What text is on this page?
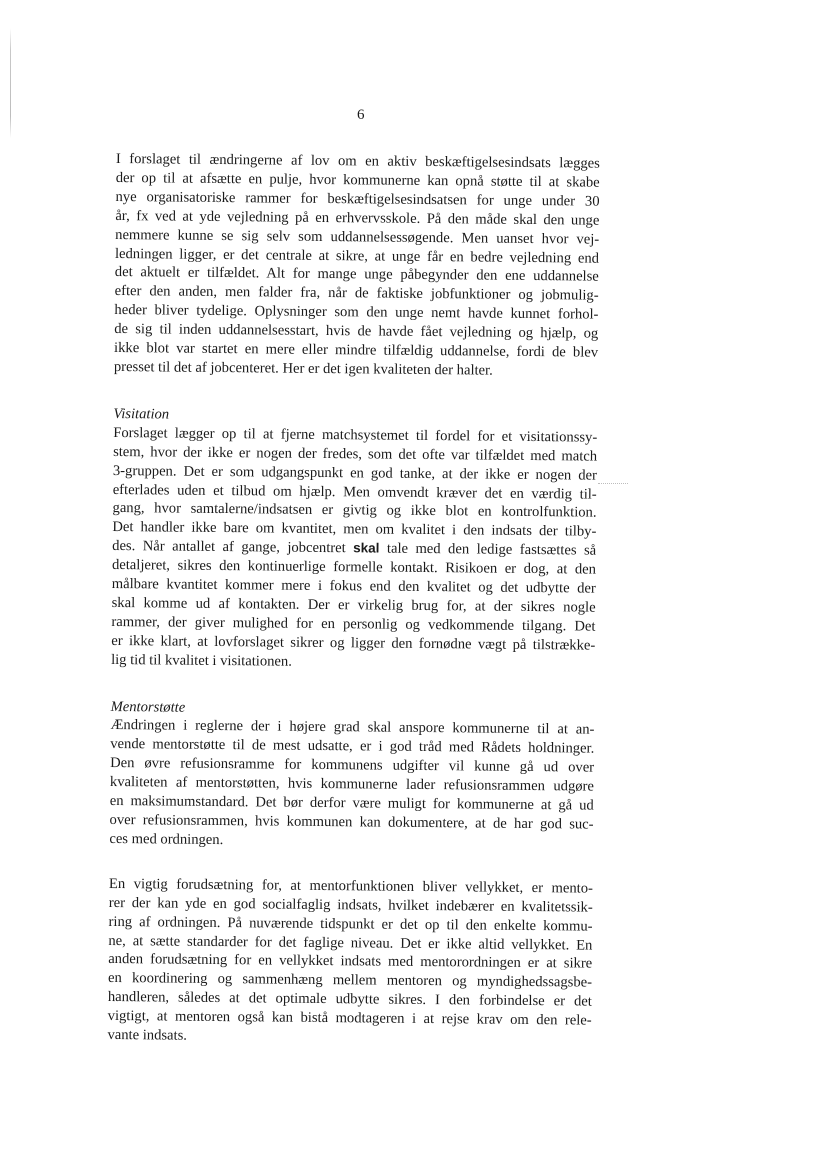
6

I forslaget til ændringerne af lov om en aktiv beskæftigelsesindsats lægges
der op til at afsætte en pulje, hvor kommunerne kan opnå støtte til at skabe
nye organisatoriske rammer for beskæftigelsesindsatsen for unge under 30
år, fx ved at yde vejledning på en erhvervsskole. På den måde skal den unge
nemmere kunne se sig selv som uddannelsessøgende. Men uanset hvor vej-
ledningen ligger, er det centrale at sikre, at unge får en bedre vejledning end
det aktuelt er tilfældet. Alt for mange unge påbegynder den ene uddannelse
efter den anden, men falder fra, når de faktiske jobfunktioner og jobmulig-
heder bliver tydelige. Oplysninger som den unge nemt havde kunnet forhol-
de sig til inden uddannelsesstart, hvis de havde fået vejledning og hjælp, og
ikke blot var startet en mere eller mindre tilfældig uddannelse, fordi de blev
presset til det af jobcenteret. Her er det igen kvaliteten der halter.

Visitation

Forslaget lægger op til at fjerne matchsystemet til fordel for et visitationssy-
stem, hvor der ikke er nogen der fredes, som det ofte var tilfældet med match
3-gruppen. Det er som udgangspunkt en god tanke, at der ikke er nogen der
efterlades uden et tilbud om hjælp. Men omvendt kræver det en værdig til-
gang, hvor samtalerne/indsatsen er givtig og ikke blot en kontrolfunktion.
Det handler ikke bare om kvantitet, men om kvalitet i den indsats der tilby-
des. Når antallet af gange, jobcentret skal tale med den ledige fastsættes så
detaljeret, sikres den kontinuerlige formelle kontakt. Risikoen er dog, at den
målbare kvantitet kommer mere i fokus end den kvalitet og det udbytte der
skal komme ud af kontakten. Der er virkelig brug for, at der sikres nogle
rammer, der giver mulighed for en personlig og vedkommende tilgang. Det
er ikke klart, at lovforslaget sikrer og ligger den fornødne vægt på tilstrække-
lig tid til kvalitet i visitationen.

Mentorstøtte

Ændringen i reglerne der i højere grad skal anspore kommunerne til at an-
vende mentorstøtte til de mest udsatte, er i god tråd med Rådets holdninger.
Den øvre refusionsramme for kommunens udgifter vil kunne gå ud over
kvaliteten af mentorstøtten, hvis kommunerne lader refusionsrammen udgøre
en maksimumstandard. Det bør derfor være muligt for kommunerne at gå ud
over refusionsrammen, hvis kommunen kan dokumentere, at de har god suc-
ces med ordningen.

En vigtig forudsætning for, at mentorfunktionen bliver vellykket, er mento-
rer der kan yde en god socialfaglig indsats, hvilket indebærer en kvalitetssik-
ring af ordningen. På nuværende tidspunkt er det op til den enkelte kommu-
ne, at sætte standarder for det faglige niveau. Det er ikke altid vellykket. En
anden forudsætning for en vellykket indsats med mentorordningen er at sikre
en koordinering og sammenhæng mellem mentoren og myndighedssagsbe-
handleren, således at det optimale udbytte sikres. I den forbindelse er det
vigtigt, at mentoren også kan bistå modtageren i at rejse krav om den rele-
vante indsats.
